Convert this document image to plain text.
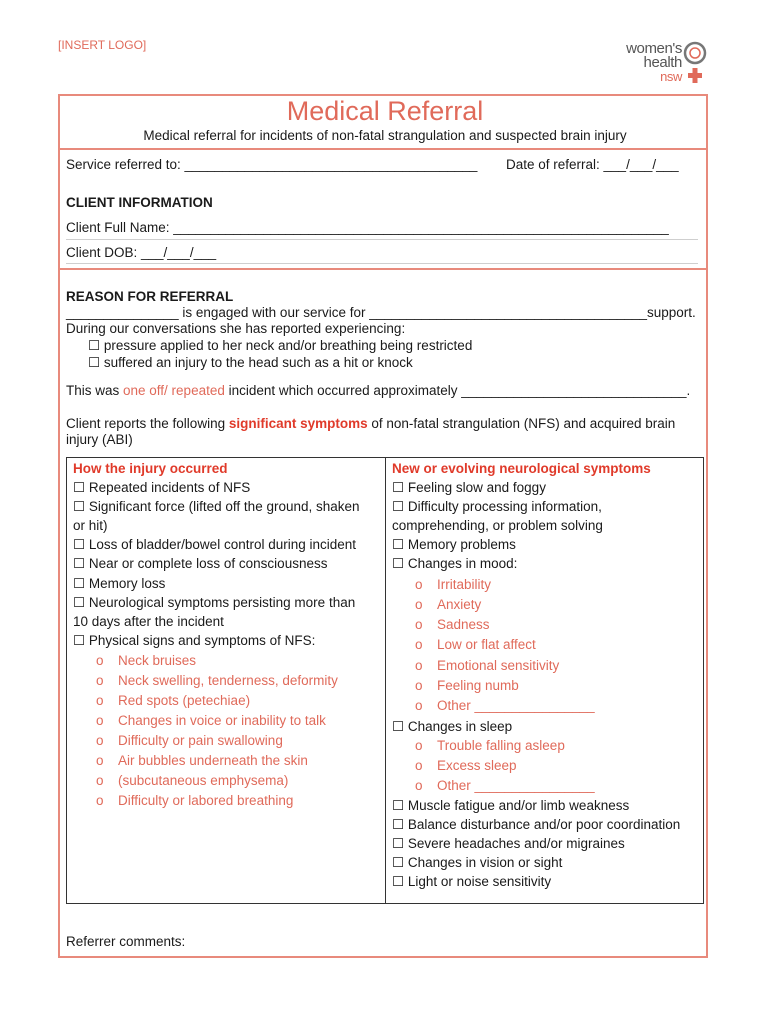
[INSERT LOGO]	women's
health
nsw
Medical Referral
Medical referral for incidents of non-fatal strangulation and suspected brain injury
Service referred to: _______________________________________ Date of referral: ___/___/___
CLIENT INFORMATION
Client Full Name: __________________________________________________________________
Client DOB: ___/___/___
REASON FOR REFERRAL
_______________ is engaged with our service for _____________________________________support.
During our conversations she has reported experiencing:
☐ pressure applied to her neck and/or breathing being restricted
☐ suffered an injury to the head such as a hit or knock
This was one off/ repeated incident which occurred approximately ______________________________.
Client reports the following significant symptoms of non-fatal strangulation (NFS) and acquired brain
injury (ABI)
How the injury occurred
☐ Repeated incidents of NFS
☐ Significant force (lifted off the ground, shaken
or hit)
☐ Loss of bladder/bowel control during incident
☐ Near or complete loss of consciousness
☐ Memory loss
☐ Neurological symptoms persisting more than
10 days after the incident
☐ Physical signs and symptoms of NFS:
o Neck bruises
o Neck swelling, tenderness, deformity
o Red spots (petechiae)
o Changes in voice or inability to talk
o Difficulty or pain swallowing
o Air bubbles underneath the skin
o (subcutaneous emphysema)
o Difficulty or labored breathing
New or evolving neurological symptoms
☐ Feeling slow and foggy
☐ Difficulty processing information,
comprehending, or problem solving
☐ Memory problems
☐ Changes in mood:
o Irritability
o Anxiety
o Sadness
o Low or flat affect
o Emotional sensitivity
o Feeling numb
o Other ________________
☐ Changes in sleep
o Trouble falling asleep
o Excess sleep
o Other ________________
☐ Muscle fatigue and/or limb weakness
☐ Balance disturbance and/or poor coordination
☐ Severe headaches and/or migraines
☐ Changes in vision or sight
☐ Light or noise sensitivity
Referrer comments:
